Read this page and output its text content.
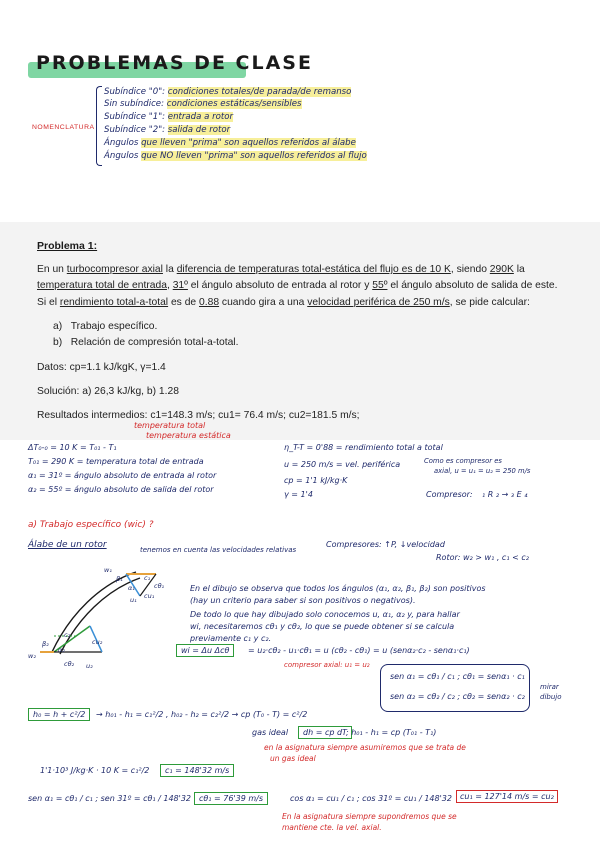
PROBLEMAS DE CLASE
NOMENCLATURA
Subíndice "0": condiciones totales/de parada/de remanso
Sin subíndice: condiciones estáticas/sensibles
Subíndice "1": entrada a rotor
Subíndice "2": salida de rotor
Ángulos que lleven "prima" son aquellos referidos al álabe
Ángulos que NO lleven "prima" son aquellos referidos al flujo
Problema 1:
En un turbocompresor axial la diferencia de temperaturas total-estática del flujo es de 10 K, siendo 290K la temperatura total de entrada, 31º el ángulo absoluto de entrada al rotor y 55º el ángulo absoluto de salida de este. Si el rendimiento total-a-total es de 0.88 cuando gira a una velocidad periférica de 250 m/s, se pide calcular:
a) Trabajo específico.
b) Relación de compresión total-a-total.
Datos: cp=1.1 kJ/kgK, γ=1.4
Solución: a) 26,3 kJ/kg, b) 1.28
Resultados intermedios: c1=148.3 m/s; cu1= 76.4 m/s; cu2=181.5 m/s;
temperatura total
temperatura estática
ΔT₀-₀ = 10 K = T₀₁ - T₁
T₀₁ = 290 K = temperatura total de entrada
α₁ = 31º = ángulo absoluto de entrada al rotor
α₂ = 55º = ángulo absoluto de salida del rotor
η_T-T = 0'88 = rendimiento total a total
u = 250 m/s = vel. periférica	Como es compresor es
axial, u = u₁ = u₂ = 250 m/s
cp = 1'1 kJ/kg·K
γ = 1'4	Compresor: ₁ R ₂ → ₃ E ₄
a) Trabajo específico (wic) ?
Álabe de un rotor	tenemos en cuenta las velocidades relativas
Compresores: ↑P, ↓velocidad
Rotor: w₂ > w₁ , c₁ < c₂
w₁
β₁	c₁
α₁	cθ₁
u₁ cu₁
c₂
β₂	cu₂
α₂
w₂
cθ₂ u₂
En el dibujo se observa que todos los ángulos (α₁, α₂, β₁, β₂) son positivos
(hay un criterio para saber si son positivos o negativos).
De todo lo que hay dibujado solo conocemos u, α₁, α₂ y, para hallar
wi, necesitaremos cθ₁ y cθ₂, lo que se puede obtener si se calcula
previamente c₁ y c₂.
wi = Δu Δcθ	= u₂·cθ₂ - u₁·cθ₁ = u (cθ₂ - cθ₁) = u (senα₂·c₂ - senα₁·c₁)
compresor axial: u₁ = u₂
sen α₁ = cθ₁ / c₁ ; cθ₁ = senα₁ · c₁
sen α₂ = cθ₂ / c₂ ; cθ₂ = senα₂ · c₂
mirar dibujo
h₀ = h + c²/2	→ h₀₁ - h₁ = c₁²/2 , h₀₂ - h₂ = c₂²/2 → cp (T₀ - T) = c²/2
gas ideal	dh = cp dT ; h₀₁ - h₁ = cp (T₀₁ - T₁)
en la asignatura siempre asumiremos que se trata de
un gas ideal
1'1·10³ J/kg·K · 10 K = c₁²/2	c₁ = 148'32 m/s
sen α₁ = cθ₁ / c₁ ; sen 31º = cθ₁ / 148'32 cθ₁ = 76'39 m/s	cos α₁ = cu₁ / c₁ ; cos 31º = cu₁ / 148'32	cu₁ = 127'14 m/s = cu₂
En la asignatura siempre supondremos que se
mantiene cte. la vel. axial.
